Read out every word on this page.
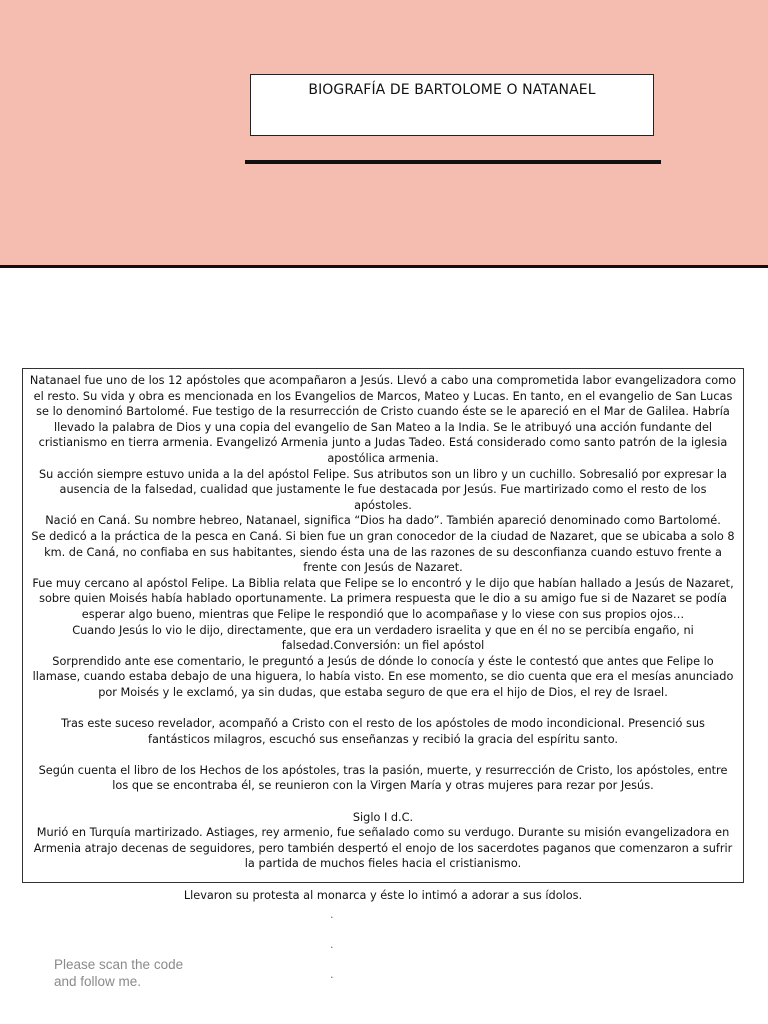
BIOGRAFÍA DE BARTOLOME O NATANAEL

Natanael fue uno de los 12 apóstoles que acompañaron a Jesús. Llevó a cabo una comprometida labor evangelizadora como el resto. Su vida y obra es mencionada en los Evangelios de Marcos, Mateo y Lucas. En tanto, en el evangelio de San Lucas se lo denominó Bartolomé. Fue testigo de la resurrección de Cristo cuando éste se le apareció en el Mar de Galilea. Habría llevado la palabra de Dios y una copia del evangelio de San Mateo a la India. Se le atribuyó una acción fundante del cristianismo en tierra armenia. Evangelizó Armenia junto a Judas Tadeo. Está considerado como santo patrón de la iglesia apostólica armenia.

Su acción siempre estuvo unida a la del apóstol Felipe. Sus atributos son un libro y un cuchillo. Sobresalió por expresar la ausencia de la falsedad, cualidad que justamente le fue destacada por Jesús. Fue martirizado como el resto de los apóstoles.

Nació en Caná. Su nombre hebreo, Natanael, significa “Dios ha dado”. También apareció denominado como Bartolomé.

Se dedicó a la práctica de la pesca en Caná. Si bien fue un gran conocedor de la ciudad de Nazaret, que se ubicaba a solo 8 km. de Caná, no confiaba en sus habitantes, siendo ésta una de las razones de su desconfianza cuando estuvo frente a frente con Jesús de Nazaret.

Fue muy cercano al apóstol Felipe. La Biblia relata que Felipe se lo encontró y le dijo que habían hallado a Jesús de Nazaret, sobre quien Moisés había hablado oportunamente. La primera respuesta que le dio a su amigo fue si de Nazaret se podía esperar algo bueno, mientras que Felipe le respondió que lo acompañase y lo viese con sus propios ojos…

Cuando Jesús lo vio le dijo, directamente, que era un verdadero israelita y que en él no se percibía engaño, ni falsedad.Conversión: un fiel apóstol

Sorprendido ante ese comentario, le preguntó a Jesús de dónde lo conocía y éste le contestó que antes que Felipe lo llamase, cuando estaba debajo de una higuera, lo había visto. En ese momento, se dio cuenta que era el mesías anunciado por Moisés y le exclamó, ya sin dudas, que estaba seguro de que era el hijo de Dios, el rey de Israel.

Tras este suceso revelador, acompañó a Cristo con el resto de los apóstoles de modo incondicional. Presenció sus fantásticos milagros, escuchó sus enseñanzas y recibió la gracia del espíritu santo.

Según cuenta el libro de los Hechos de los apóstoles, tras la pasión, muerte, y resurrección de Cristo, los apóstoles, entre los que se encontraba él, se reunieron con la Virgen María y otras mujeres para rezar por Jesús.

Siglo I d.C.

Murió en Turquía martirizado. Astiages, rey armenio, fue señalado como su verdugo. Durante su misión evangelizadora en Armenia atrajo decenas de seguidores, pero también despertó el enojo de los sacerdotes paganos que comenzaron a sufrir la partida de muchos fieles hacia el cristianismo.

Llevaron su protesta al monarca y éste lo intimó a adorar a sus ídolos.

.
.
.
Please scan the code
and follow me.
